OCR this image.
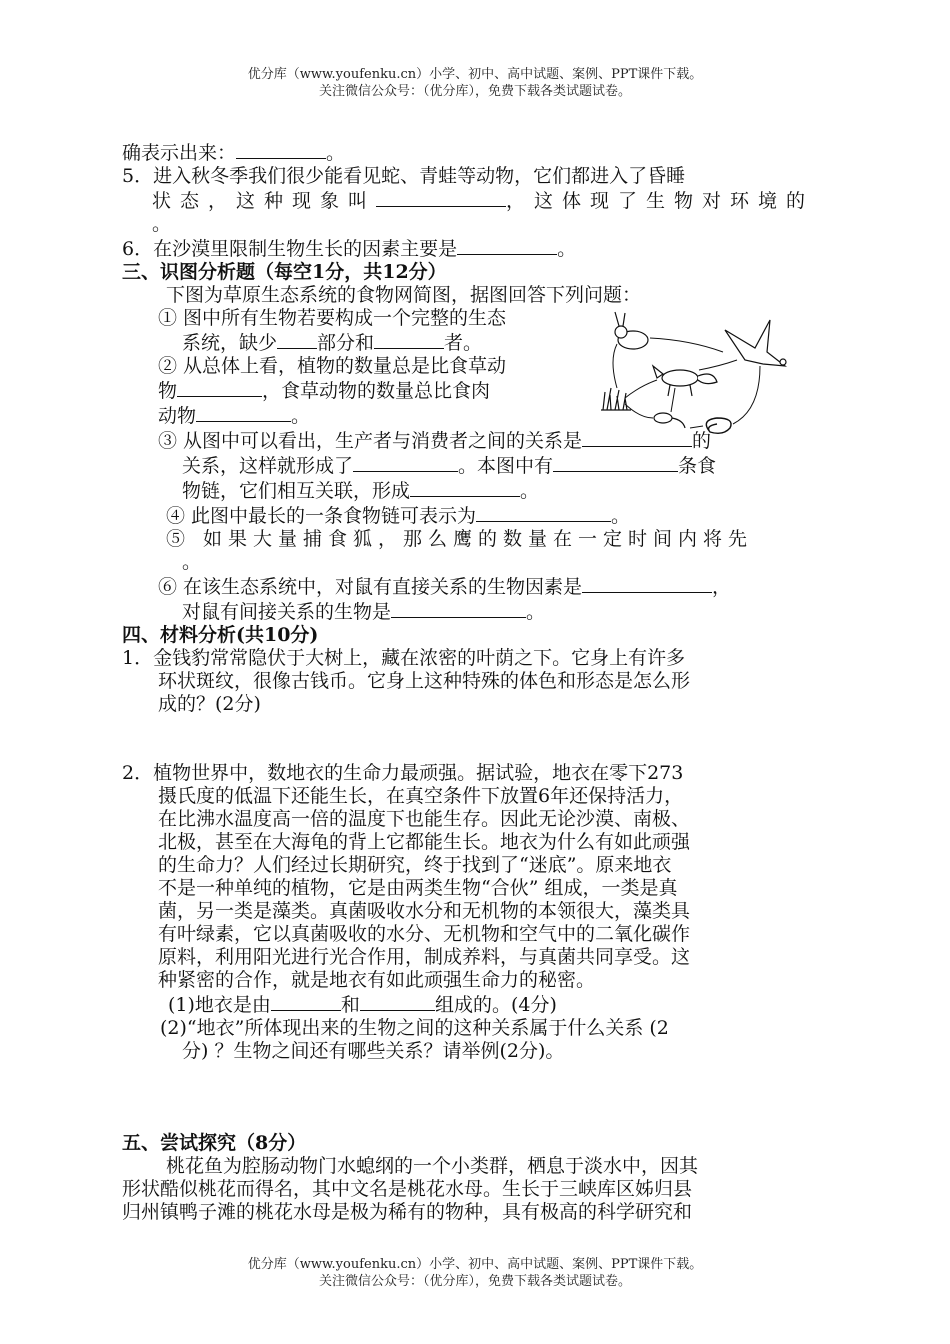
优分库（www.youfenku.cn）小学、初中、高中试题、案例、PPT课件下载。
关注微信公众号：（优分库），免费下载各类试题试卷。
确表示出来：	。
5．进入秋冬季我们很少能看见蛇、青蛙等动物，它们都进入了昏睡
状态，这种现象叫	，这体现了生物对环境的
。
6．在沙漠里限制生物生长的因素主要是	。
三、识图分析题（每空1分，共12分）
下图为草原生态系统的食物网简图，据图回答下列问题：
① 图中所有生物若要构成一个完整的生态
系统，缺少 部分和	者。
② 从总体上看，植物的数量总是比食草动
物	，食草动物的数量总比食肉
动物	。
③ 从图中可以看出，生产者与消费者之间的关系是	的
关系，这样就形成了	。本图中有	条食
物链，它们相互关联，形成	。
④ 此图中最长的一条食物链可表示为	。
⑤ 如果大量捕食狐，那么鹰的数量在一定时间内将先
。
⑥ 在该生态系统中，对鼠有直接关系的生物因素是	，
对鼠有间接关系的生物是	。
四、材料分析(共10分)
1．金钱豹常常隐伏于大树上，藏在浓密的叶荫之下。它身上有许多
环状斑纹，很像古钱币。它身上这种特殊的体色和形态是怎么形
成的？(2分)
2．植物世界中，数地衣的生命力最顽强。据试验，地衣在零下273
摄氏度的低温下还能生长，在真空条件下放置6年还保持活力，
在比沸水温度高一倍的温度下也能生存。因此无论沙漠、南极、
北极，甚至在大海龟的背上它都能生长。地衣为什么有如此顽强
的生命力？人们经过长期研究，终于找到了“迷底”。原来地衣
不是一种单纯的植物，它是由两类生物“合伙” 组成，一类是真
菌，另一类是藻类。真菌吸收水分和无机物的本领很大，藻类具
有叶绿素，它以真菌吸收的水分、无机物和空气中的二氧化碳作
原料，利用阳光进行光合作用，制成养料，与真菌共同享受。这
种紧密的合作，就是地衣有如此顽强生命力的秘密。
(1)地衣是由	和	组成的。(4分)
(2)“地衣”所体现出来的生物之间的这种关系属于什么关系 (2
分) ？生物之间还有哪些关系？请举例(2分)。
五、尝试探究（8分）
桃花鱼为腔肠动物门水螅纲的一个小类群，栖息于淡水中，因其
形状酷似桃花而得名，其中文名是桃花水母。生长于三峡库区姊归县
归州镇鸭子滩的桃花水母是极为稀有的物种，具有极高的科学研究和
优分库（www.youfenku.cn）小学、初中、高中试题、案例、PPT课件下载。
关注微信公众号：（优分库），免费下载各类试题试卷。
